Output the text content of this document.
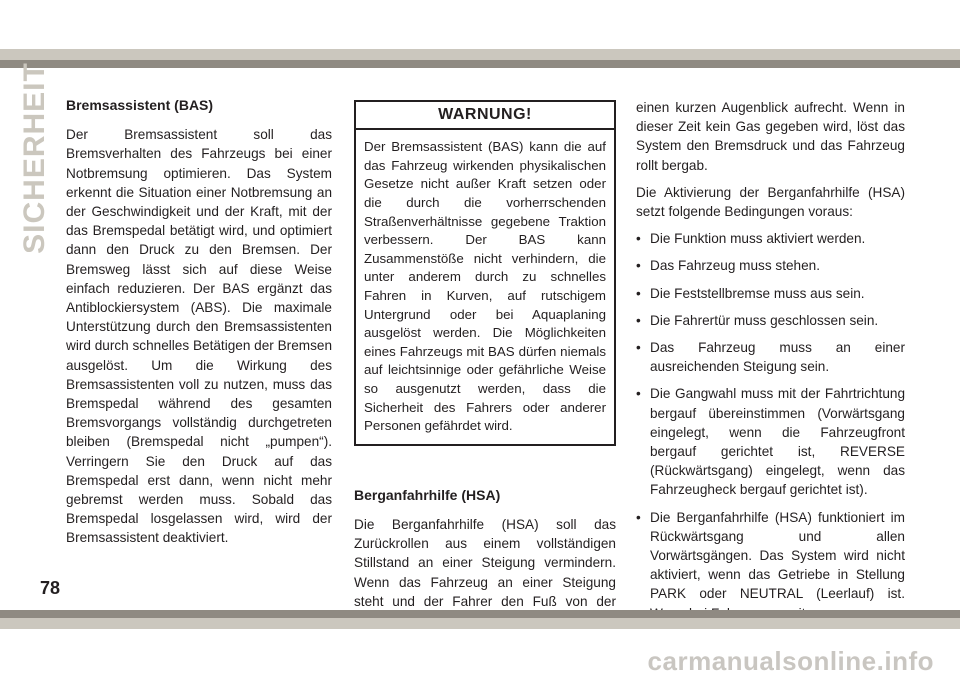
SICHERHEIT Bremsassistent (BAS)

Der Bremsassistent soll das Bremsverhalten des Fahrzeugs bei einer Notbremsung optimieren. Das System erkennt die Situation einer Notbremsung an der Geschwindigkeit und der Kraft, mit der das Bremspedal betätigt wird, und optimiert dann den Druck zu den Bremsen. Der Bremsweg lässt sich auf diese Weise einfach reduzieren. Der BAS ergänzt das Antiblockiersystem (ABS). Die maximale Unterstützung durch den Bremsassistenten wird durch schnelles Betätigen der Bremsen ausgelöst. Um die Wirkung des Bremsassistenten voll zu nutzen, muss das Bremspedal während des gesamten Bremsvorgangs vollständig durchgetreten bleiben (Bremspedal nicht „pumpen“). Verringern Sie den Druck auf das Bremspedal erst dann, wenn nicht mehr gebremst werden muss. Sobald das Bremspedal losgelassen wird, wird der Bremsassistent deaktiviert.

WARNUNG!

Der Bremsassistent (BAS) kann die auf das Fahrzeug wirkenden physikalischen Gesetze nicht außer Kraft setzen oder die durch die vorherrschenden Straßenverhältnisse gegebene Traktion verbessern. Der BAS kann Zusammenstöße nicht verhindern, die unter anderem durch zu schnelles Fahren in Kurven, auf rutschigem Untergrund oder bei Aquaplaning ausgelöst werden. Die Möglichkeiten eines Fahrzeugs mit BAS dürfen niemals auf leichtsinnige oder gefährliche Weise so ausgenutzt werden, dass die Sicherheit des Fahrers oder anderer Personen gefährdet wird.

Berganfahrhilfe (HSA)

Die Berganfahrhilfe (HSA) soll das Zurückrollen aus einem vollständigen Stillstand an einer Steigung vermindern. Wenn das Fahrzeug an einer Steigung steht und der Fahrer den Fuß von der

einen kurzen Augenblick aufrecht. Wenn in dieser Zeit kein Gas gegeben wird, löst das System den Bremsdruck und das Fahrzeug rollt bergab.

Die Aktivierung der Berganfahrhilfe (HSA) setzt folgende Bedingungen voraus:

• Die Funktion muss aktiviert werden.
• Das Fahrzeug muss stehen.
• Die Feststellbremse muss aus sein.
• Die Fahrertür muss geschlossen sein.
• Das Fahrzeug muss an einer ausreichenden Steigung sein.
• Die Gangwahl muss mit der Fahrtrichtung bergauf übereinstimmen (Vorwärtsgang eingelegt, wenn die Fahrzeugfront bergauf gerichtet ist, REVERSE (Rückwärtsgang) eingelegt, wenn das Fahrzeugheck bergauf gerichtet ist).
• Die Berganfahrhilfe (HSA) funktioniert im Rückwärtsgang und allen Vorwärtsgängen. Das System wird nicht aktiviert, wenn das Getriebe in Stellung PARK oder NEUTRAL (Leerlauf) ist.
78
carmanualsonline.info
